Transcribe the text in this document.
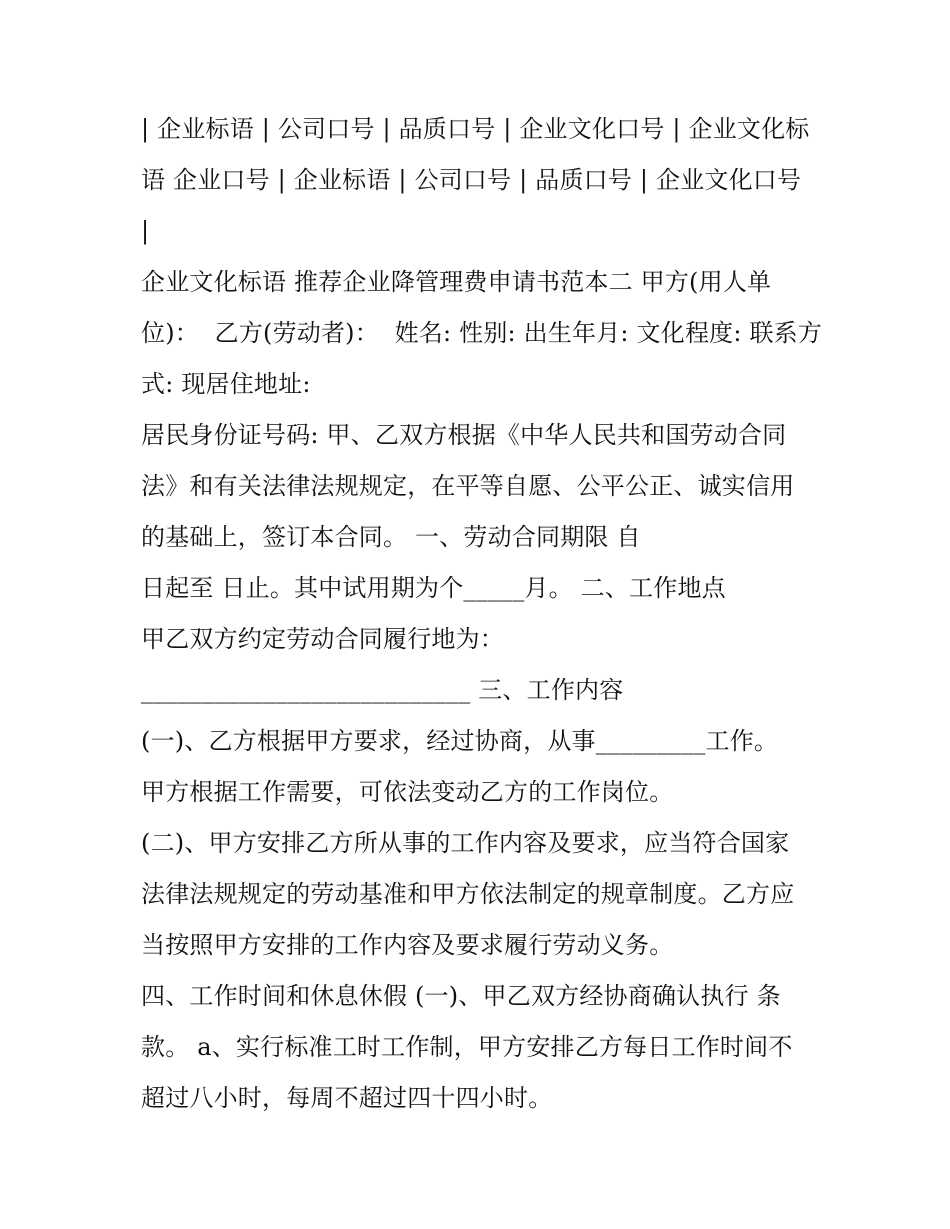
| 企业标语 | 公司口号 | 品质口号 | 企业文化口号 | 企业文化标
语 企业口号 | 企业标语 | 公司口号 | 品质口号 | 企业文化口号
|
企业文化标语 推荐企业降管理费申请书范本二 甲方(用人单
位)：  乙方(劳动者)：  姓名: 性别: 出生年月: 文化程度: 联系方
式: 现居住地址:
居民身份证号码: 甲、乙双方根据《中华人民共和国劳动合同
法》和有关法律法规规定，在平等自愿、公平公正、诚实信用
的基础上，签订本合同。 一、劳动合同期限 自
日起至 日止。其中试用期为个_____月。 二、工作地点
甲乙双方约定劳动合同履行地为：
___________________________ 三、工作内容
(一)、乙方根据甲方要求，经过协商，从事_________工作。
甲方根据工作需要，可依法变动乙方的工作岗位。
(二)、甲方安排乙方所从事的工作内容及要求，应当符合国家
法律法规规定的劳动基准和甲方依法制定的规章制度。乙方应
当按照甲方安排的工作内容及要求履行劳动义务。
四、工作时间和休息休假 (一)、甲乙双方经协商确认执行 条
款。 a、实行标准工时工作制，甲方安排乙方每日工作时间不
超过八小时，每周不超过四十四小时。
